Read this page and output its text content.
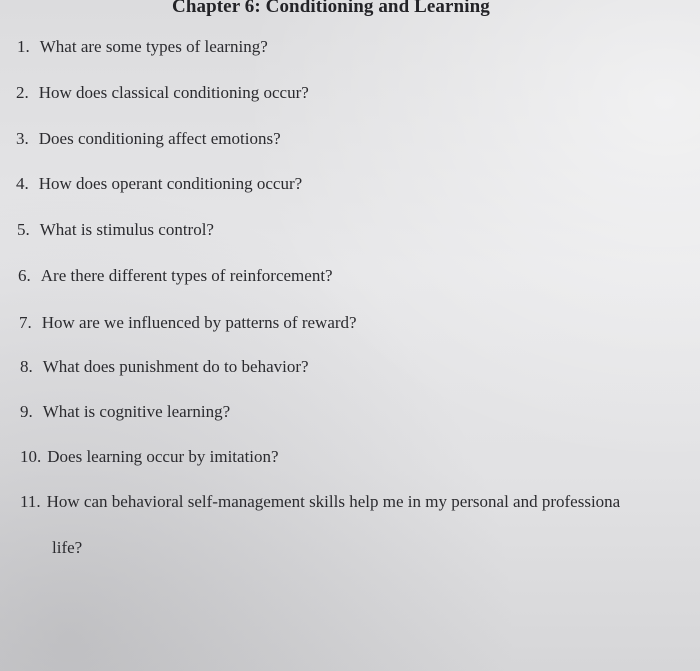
Chapter 6: Conditioning and Learning
1. What are some types of learning?
2. How does classical conditioning occur?
3. Does conditioning affect emotions?
4. How does operant conditioning occur?
5. What is stimulus control?
6. Are there different types of reinforcement?
7. How are we influenced by patterns of reward?
8. What does punishment do to behavior?
9. What is cognitive learning?
10. Does learning occur by imitation?
11. How can behavioral self-management skills help me in my personal and professiona
life?
